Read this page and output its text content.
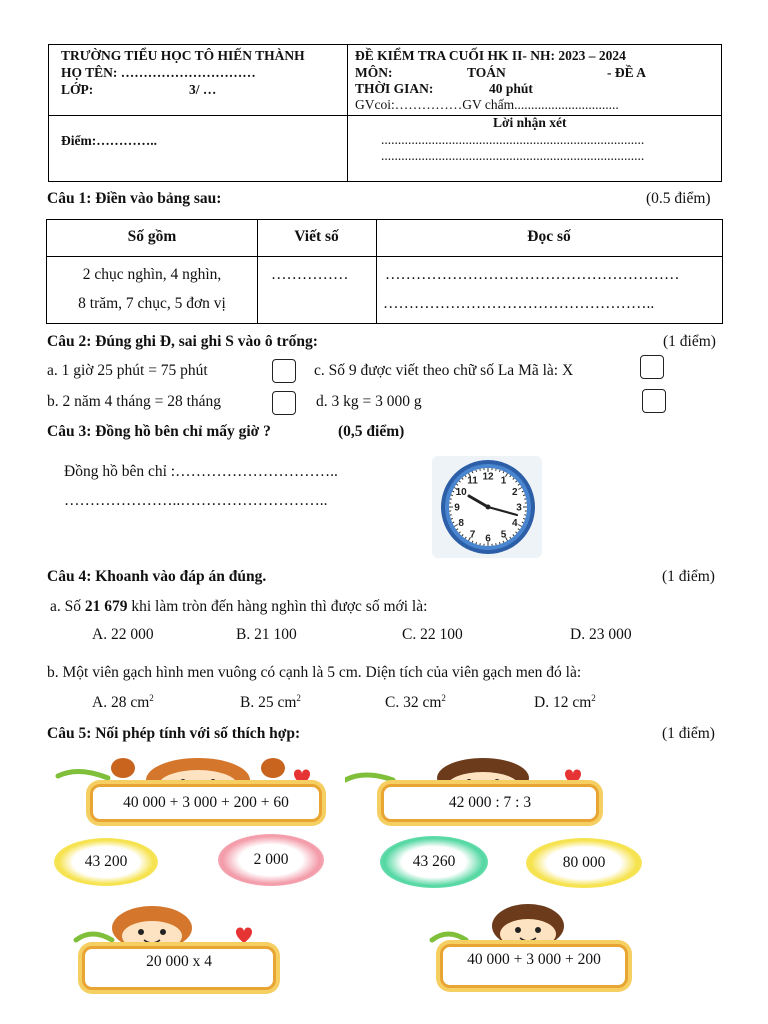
TRƯỜNG TIỂU HỌC TÔ HIẾN THÀNH
HỌ TÊN: …………………………
LỚP:	3/ …
Điểm:…………..
ĐỀ KIỂM TRA CUỐI HK II- NH: 2023 – 2024
MÔN:	TOÁN	- ĐỀ A
THỜI GIAN:	40 phút
GVcoi:……………GV chấm...............................
Lời nhận xét
..............................................................................
..............................................................................
Câu 1: Điền vào bảng sau:	(0.5 điểm)
Số gồm	Viết số	Đọc số
2 chục nghìn, 4 nghìn,
8 trăm, 7 chục, 5 đơn vị
…………… …………………………………………………
……………………………………………..
Câu 2: Đúng ghi Đ, sai ghi S vào ô trống:	(1 điểm)
a. 1 giờ 25 phút = 75 phút	c. Số 9 được viết theo chữ số La Mã là: X
b. 2 năm 4 tháng = 28 tháng	d. 3 kg = 3 000 g
Câu 3: Đồng hồ bên chỉ mấy giờ ?	(0,5 điểm)
Đồng hồ bên chỉ :…………………………..
…………………..………………………..
12 1
2
3
4
5
6
7
8
9
10
11
Câu 4: Khoanh vào đáp án đúng.	(1 điểm)
a. Số 21 679 khi làm tròn đến hàng nghìn thì được số mới là:
A. 22 000	B. 21 100	C. 22 100	D. 23 000
b. Một viên gạch hình men vuông có cạnh là 5 cm. Diện tích của viên gạch men đó là:
A. 28 $cm^2$	B. 25 $cm^2$	C. 32 $cm^2$	D. 12 $cm^2$
Câu 5: Nối phép tính với số thích hợp:	(1 điểm)
40 000 + 3 000 + 200 + 60	42 000 : 7 : 3
43 200	2 000	43 260	80 000
20 000 x 4	40 000 + 3 000 + 200
